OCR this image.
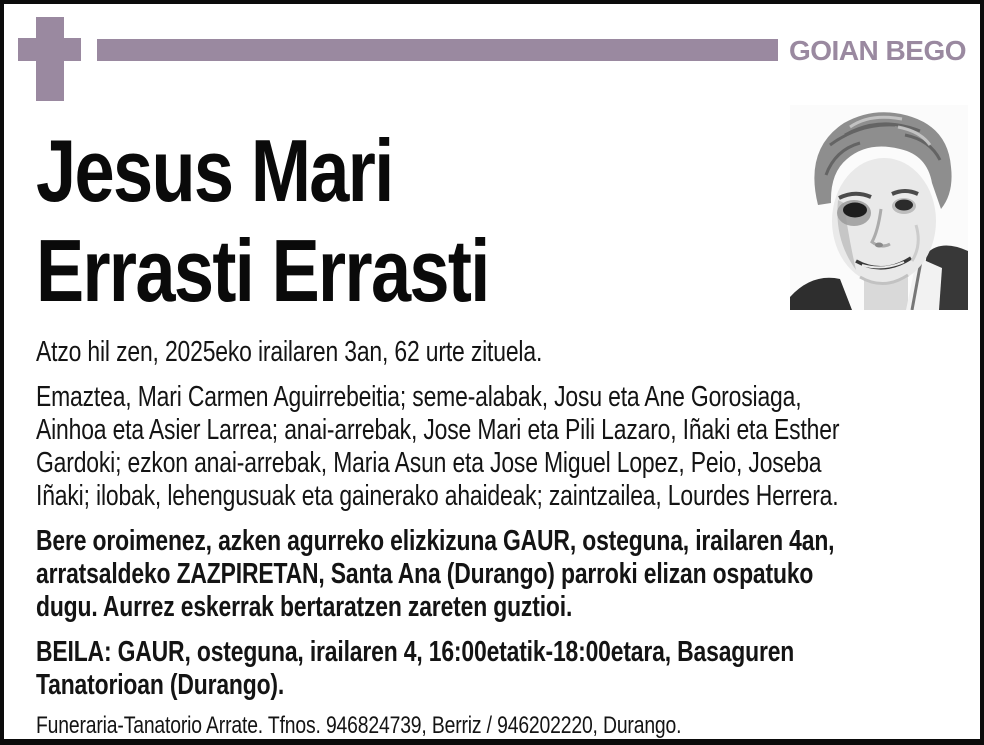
GOIAN BEGO
Jesus Mari
Errasti Errasti
Atzo hil zen, 2025eko irailaren 3an, 62 urte zituela.
Emaztea, Mari Carmen Aguirrebeitia; seme-alabak, Josu eta Ane Gorosiaga,
Ainhoa eta Asier Larrea; anai-arrebak, Jose Mari eta Pili Lazaro, Iñaki eta Esther
Gardoki; ezkon anai-arrebak, Maria Asun eta Jose Miguel Lopez, Peio, Joseba
Iñaki; ilobak, lehengusuak eta gainerako ahaideak; zaintzailea, Lourdes Herrera.
Bere oroimenez, azken agurreko elizkizuna GAUR, osteguna, irailaren 4an,
arratsaldeko ZAZPIRETAN, Santa Ana (Durango) parroki elizan ospatuko
dugu. Aurrez eskerrak bertaratzen zareten guztioi.
BEILA: GAUR, osteguna, irailaren 4, 16:00etatik-18:00etara, Basaguren
Tanatorioan (Durango).
Funeraria-Tanatorio Arrate. Tfnos. 946824739, Berriz / 946202220, Durango.
